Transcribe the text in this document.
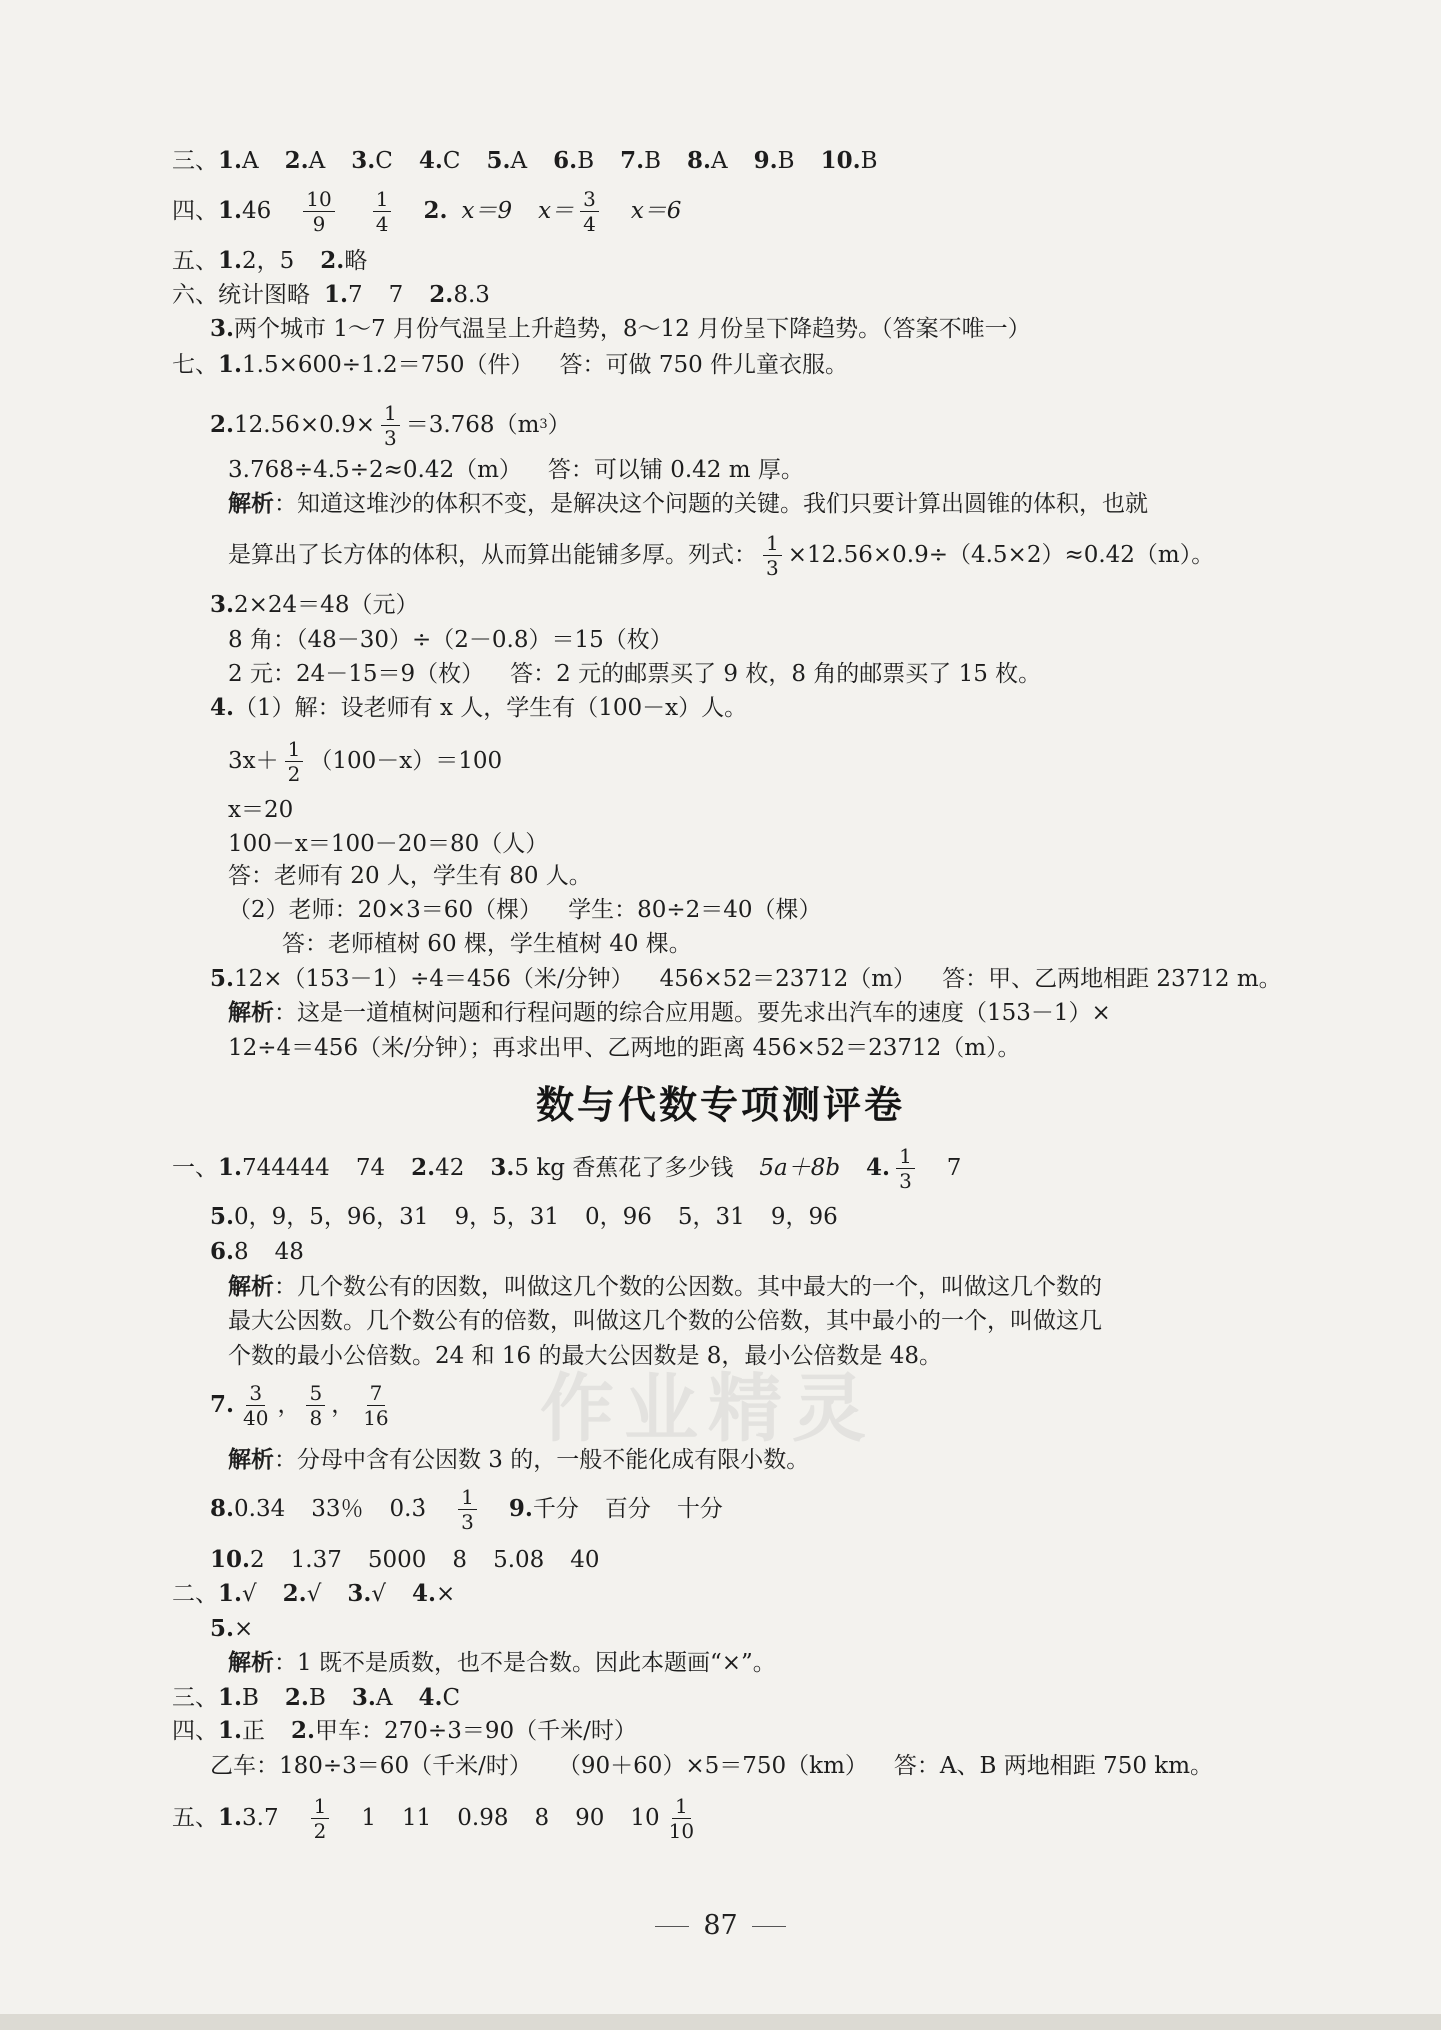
三、 1. A 2. A 3. C 4. C 5. A 6. B 7. B 8. A 9. B 10. B
四、 1. $46 \frac{10}{9} \frac{1}{4} 2$. x＝9 $x= \frac{3}{4} x=6$
五、 1. 2，5 2. 略
六、统计图略 1. 7 7 2. 8.3
3. 两个城市 1～7 月份气温呈上升趋势，8～12 月份呈下降趋势。（答案不唯一）
七、 1. 1.5×600÷1.2＝750（件） 答：可做 750 件儿童衣服。
2. $12.56\times 0.9\times \frac{1}{3} =3.768(m$ 3 ）
3.768÷4.5÷2≈0.42（m） 答：可以铺 0.42 m 厚。
解析 ：知道这堆沙的体积不变，是解决这个问题的关键。我们只要计算出圆锥的体积，也就
是算出了长方体的体积，从而算出能铺多厚。列式： $\frac{1}{3} \times 12.56\times 0.9\div(4.5\times 2)\approx 0.42(m)$。
3. 2×24＝48（元）
8 角：（48－30）÷（2－0.8）＝15（枚）
2 元：24－15＝9（枚） 答：2 元的邮票买了 9 枚，8 角的邮票买了 15 枚。
4. （1）解：设老师有 x 人，学生有（100－x）人。
$3x+ \frac{1}{2} (100-x)=100$
x＝20
100－x＝100－20＝80（人）
答：老师有 20 人，学生有 80 人。
（2）老师：20×3＝60（棵） 学生：80÷2＝40（棵）
答：老师植树 60 棵，学生植树 40 棵。
5. 12×（153－1）÷4＝456（米/分钟） 456×52＝23712（m） 答：甲、乙两地相距 23712 m。
解析 ：这是一道植树问题和行程问题的综合应用题。要先求出汽车的速度（153－1）×
12÷4＝456（米/分钟）；再求出甲、乙两地的距离 456×52＝23712（m）。
数与代数专项测评卷
一、 1. 744444 74 2. 42 3. 5 kg 香蕉花了多少钱 5a＋8b 4. $\frac{1}{3} 7$
5. 0，9，5，96，31 9，5，31 0，96 5，31 9，96
6. 8 48
解析 ：几个数公有的因数，叫做这几个数的公因数。其中最大的一个，叫做这几个数的
最大公因数。几个数公有的倍数，叫做这几个数的公倍数，其中最小的一个，叫做这几
个数的最小公倍数。24 和 16 的最大公因数是 8，最小公倍数是 48。
7. $\frac{3}{40}$ ， $\frac{5}{8}$ ， $\frac{7}{16}$
解析 ：分母中含有公因数 3 的，一般不能化成有限小数。
8. 0.34 33％ 0.3̇ $\frac{1}{3} 9$. 千分 百分 十分
10. 2 1.37 5000 8 5.08 40
二、 1. √ 2. √ 3. √ 4. ×
5. ×
解析 ：1 既不是质数，也不是合数。因此本题画“×”。
三、 1. B 2. B 3. A 4. C
四、 1. 正 2. 甲车：270÷3＝90（千米/时）
乙车：180÷3＝60（千米/时） （90＋60）×5＝750（km） 答：A、B 两地相距 750 km。
五、 1. $3.7 \frac{1}{2} 1$ 11 0.98 8 90 $10 \frac{1}{10}$
作业精灵
87
